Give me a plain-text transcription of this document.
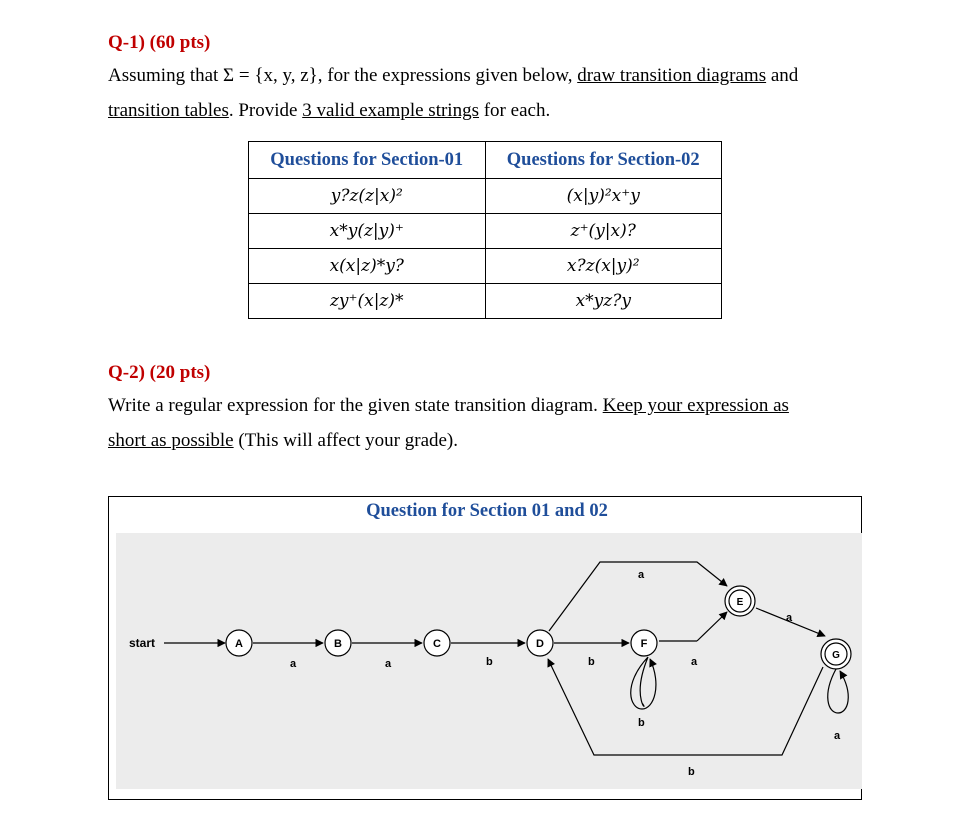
Q-1) (60 pts)
Assuming that Σ = {x, y, z}, for the expressions given below, draw transition diagrams and
transition tables. Provide 3 valid example strings for each.
Questions for Section-01	Questions for Section-02
y?z(z|x)²	(x|y)²x⁺y
x*y(z|y)⁺	z⁺(y|x)?
x(x|z)*y?	x?z(x|y)²
zy⁺(x|z)*	x*yz?y
Q-2) (20 pts)
Write a regular expression for the given state transition diagram. Keep your expression as
short as possible (This will affect your grade).
Question for Section 01 and 02
A	B	C	D	F
E
G
start
a	a	b	b	a
a
a
b
a
b
